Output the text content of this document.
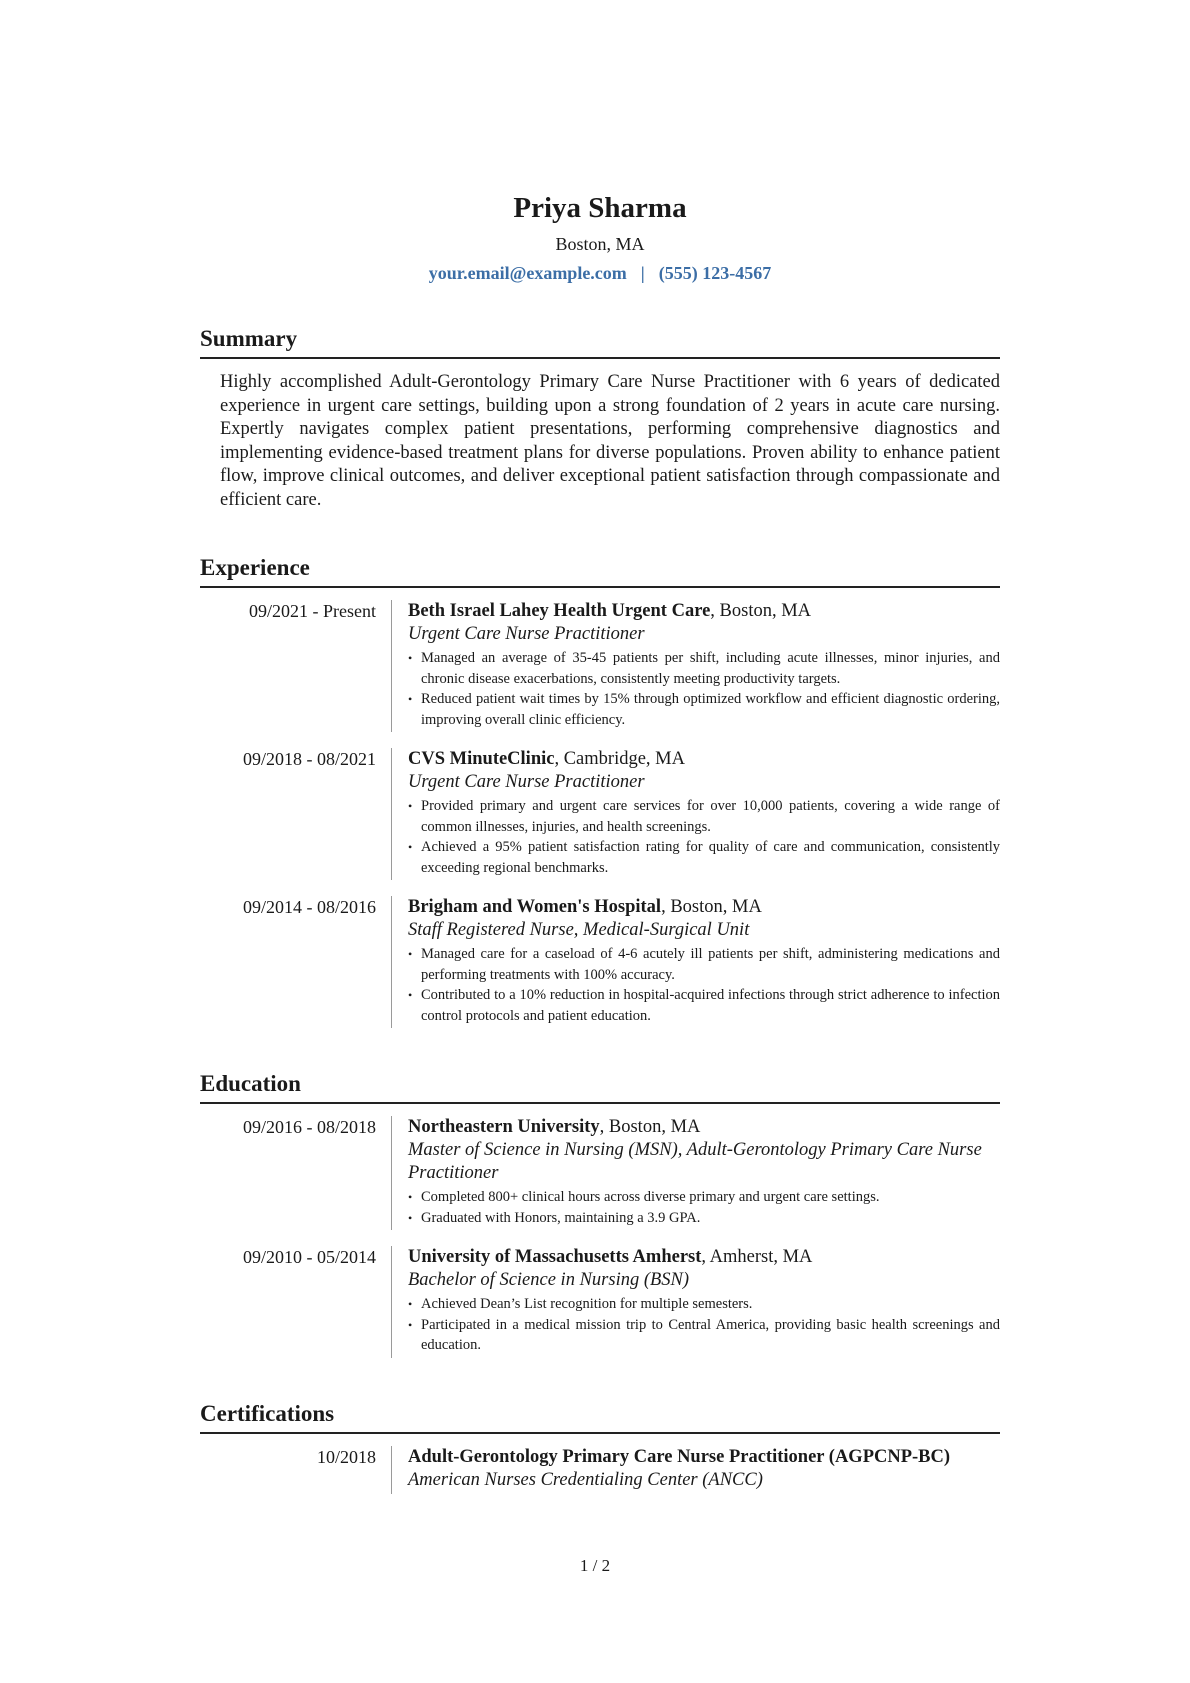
Priya Sharma
Boston, MA
your.email@example.com | (555) 123-4567
Summary

Highly accomplished Adult-Gerontology Primary Care Nurse Practitioner with 6 years of dedicated experience in urgent care settings, building upon a strong foundation of 2 years in acute care nursing. Expertly navigates complex patient presentations, performing comprehensive diagnostics and implementing evidence-based treatment plans for diverse populations. Proven ability to enhance patient flow, improve clinical outcomes, and deliver exceptional patient satisfaction through compassionate and efficient care.

Experience
09/2021 - Present	Beth Israel Lahey Health Urgent Care, Boston, MA
Urgent Care Nurse Practitioner
• Managed an average of 35-45 patients per shift, including acute illnesses, minor injuries, and chronic disease exacerbations, consistently meeting productivity targets.
• Reduced patient wait times by 15% through optimized workflow and efficient diagnostic ordering, improving overall clinic efficiency.
09/2018 - 08/2021	CVS MinuteClinic, Cambridge, MA
Urgent Care Nurse Practitioner
• Provided primary and urgent care services for over 10,000 patients, covering a wide range of common illnesses, injuries, and health screenings.
• Achieved a 95% patient satisfaction rating for quality of care and communication, consistently exceeding regional benchmarks.
09/2014 - 08/2016	Brigham and Women's Hospital, Boston, MA
Staff Registered Nurse, Medical-Surgical Unit
• Managed care for a caseload of 4-6 acutely ill patients per shift, administering medications and performing treatments with 100% accuracy.
• Contributed to a 10% reduction in hospital-acquired infections through strict adherence to infection control protocols and patient education.
Education
09/2016 - 08/2018	Northeastern University, Boston, MA
Master of Science in Nursing (MSN), Adult-Gerontology Primary Care Nurse Practitioner
• Completed 800+ clinical hours across diverse primary and urgent care settings.
• Graduated with Honors, maintaining a 3.9 GPA.
09/2010 - 05/2014	University of Massachusetts Amherst, Amherst, MA
Bachelor of Science in Nursing (BSN)
• Achieved Dean’s List recognition for multiple semesters.
• Participated in a medical mission trip to Central America, providing basic health screenings and education.
Certifications
10/2018	Adult-Gerontology Primary Care Nurse Practitioner (AGPCNP-BC)
American Nurses Credentialing Center (ANCC)
1 / 2
